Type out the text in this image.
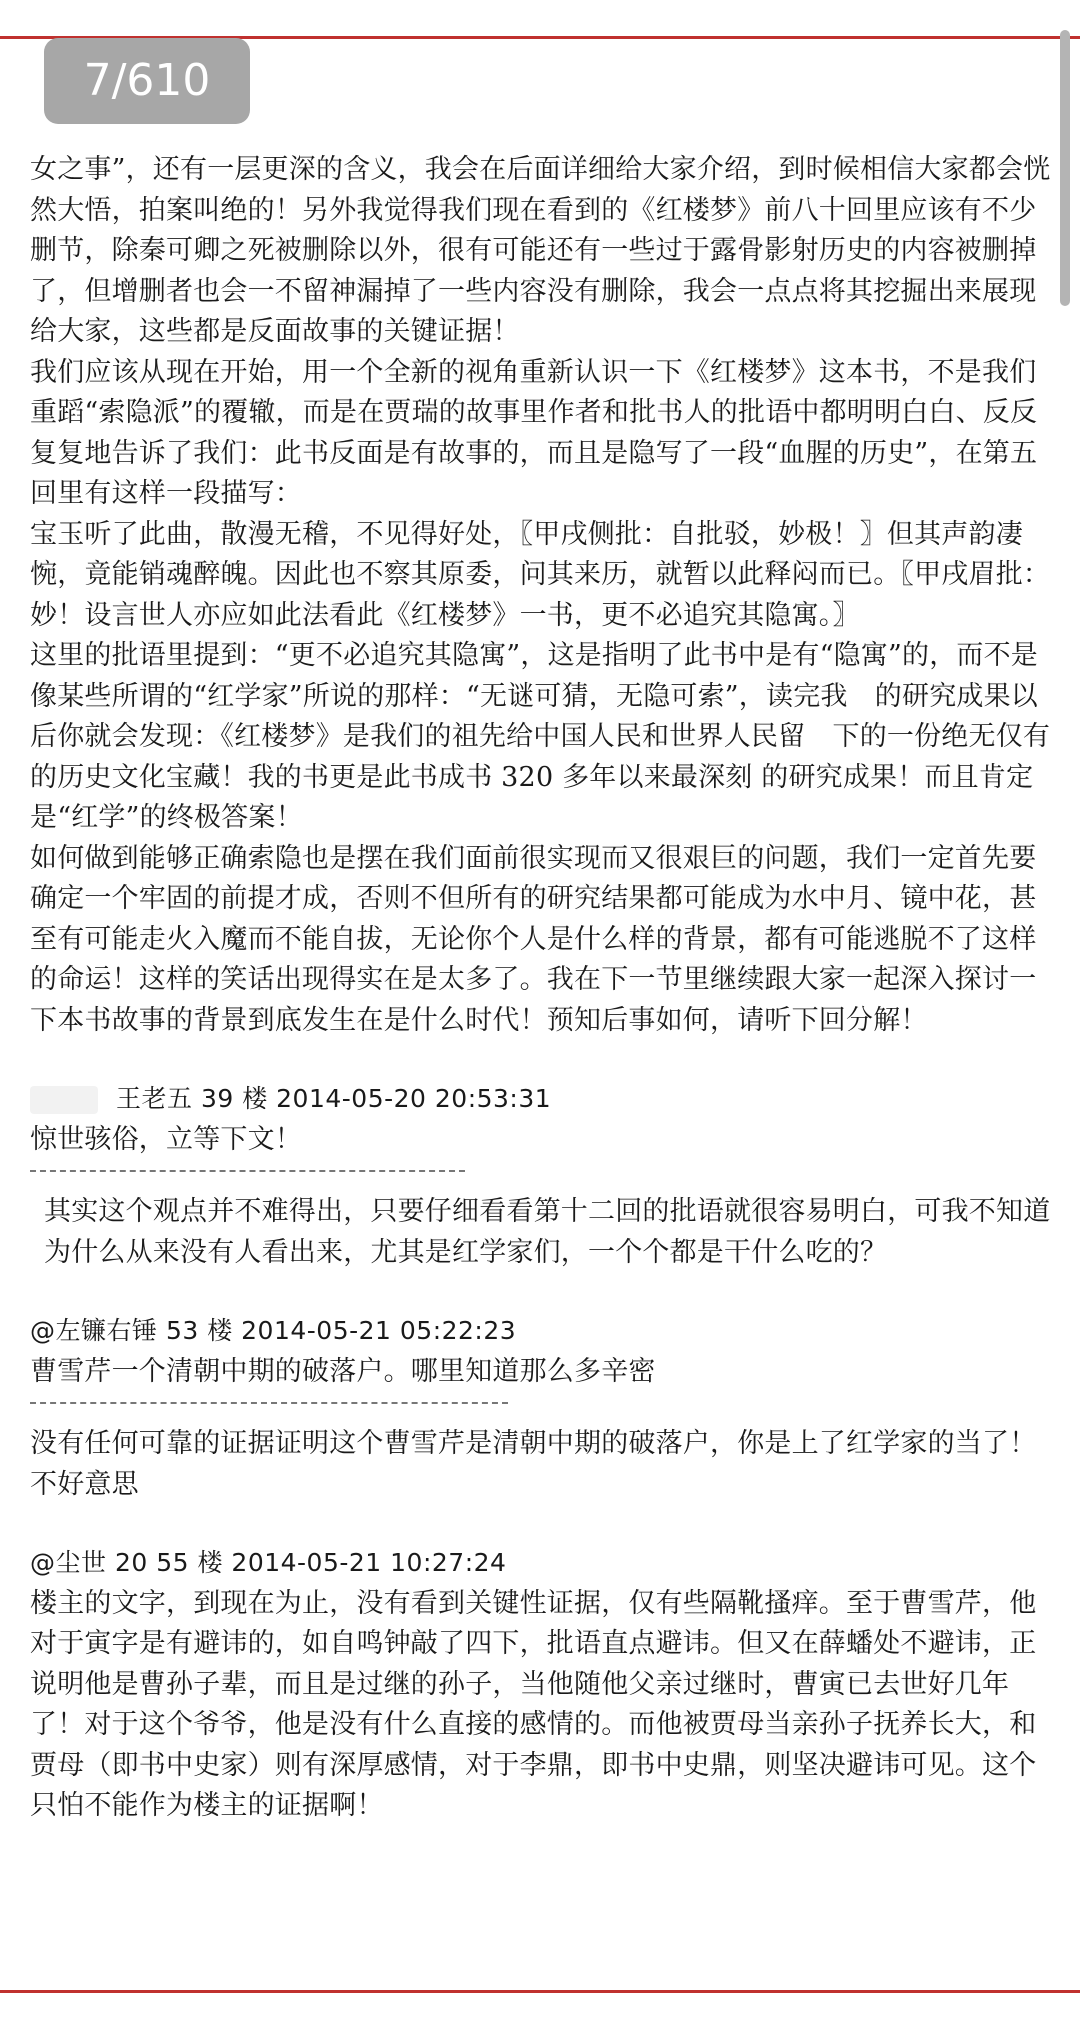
7/610

女之事”，还有一层更深的含义，我会在后面详细给大家介绍，到时候相信大家都会恍然大悟，拍案叫绝的！另外我觉得我们现在看到的《红楼梦》前八十回里应该有不少删节，除秦可卿之死被删除以外，很有可能还有一些过于露骨影射历史的内容被删掉了，但增删者也会一不留神漏掉了一些内容没有删除，我会一点点将其挖掘出来展现给大家，这些都是反面故事的关键证据！

我们应该从现在开始，用一个全新的视角重新认识一下《红楼梦》这本书，不是我们重蹈“索隐派”的覆辙，而是在贾瑞的故事里作者和批书人的批语中都明明白白、反反复复地告诉了我们：此书反面是有故事的，而且是隐写了一段“血腥的历史”，在第五回里有这样一段描写：

宝玉听了此曲，散漫无稽，不见得好处，〖甲戌侧批：自批驳，妙极！〗但其声韵凄惋，竟能销魂醉魄。因此也不察其原委，问其来历，就暂以此释闷而已。〖甲戌眉批：妙！设言世人亦应如此法看此《红楼梦》一书，更不必追究其隐寓。〗

这里的批语里提到：“更不必追究其隐寓”，这是指明了此书中是有“隐寓”的，而不是像某些所谓的“红学家”所说的那样：“无谜可猜，无隐可索”，读完我　的研究成果以后你就会发现：《红楼梦》是我们的祖先给中国人民和世界人民留　下的一份绝无仅有的历史文化宝藏！我的书更是此书成书 320 多年以来最深刻 的研究成果！而且肯定是“红学”的终极答案！

如何做到能够正确索隐也是摆在我们面前很实现而又很艰巨的问题，我们一定首先要确定一个牢固的前提才成，否则不但所有的研究结果都可能成为水中月、镜中花，甚至有可能走火入魔而不能自拔，无论你个人是什么样的背景，都有可能逃脱不了这样的命运！这样的笑话出现得实在是太多了。我在下一节里继续跟大家一起深入探讨一下本书故事的背景到底发生在是什么时代！预知后事如何，请听下回分解！

王老五 39 楼 2014-05-20 20:53:31

惊世骇俗，立等下文！

其实这个观点并不难得出，只要仔细看看第十二回的批语就很容易明白，可我不知道为什么从来没有人看出来，尤其是红学家们，一个个都是干什么吃的？

@左镰右锤 53 楼 2014-05-21 05:22:23

曹雪芹一个清朝中期的破落户。哪里知道那么多辛密

没有任何可靠的证据证明这个曹雪芹是清朝中期的破落户，你是上了红学家的当了！不好意思

@尘世 20 55 楼 2014-05-21 10:27:24

楼主的文字，到现在为止，没有看到关键性证据，仅有些隔靴搔痒。至于曹雪芹，他对于寅字是有避讳的，如自鸣钟敲了四下，批语直点避讳。但又在薛蟠处不避讳，正说明他是曹孙子辈，而且是过继的孙子，当他随他父亲过继时，曹寅已去世好几年了！对于这个爷爷，他是没有什么直接的感情的。而他被贾母当亲孙子抚养长大，和贾母（即书中史家）则有深厚感情，对于李鼎，即书中史鼎，则坚决避讳可见。这个只怕不能作为楼主的证据啊！
